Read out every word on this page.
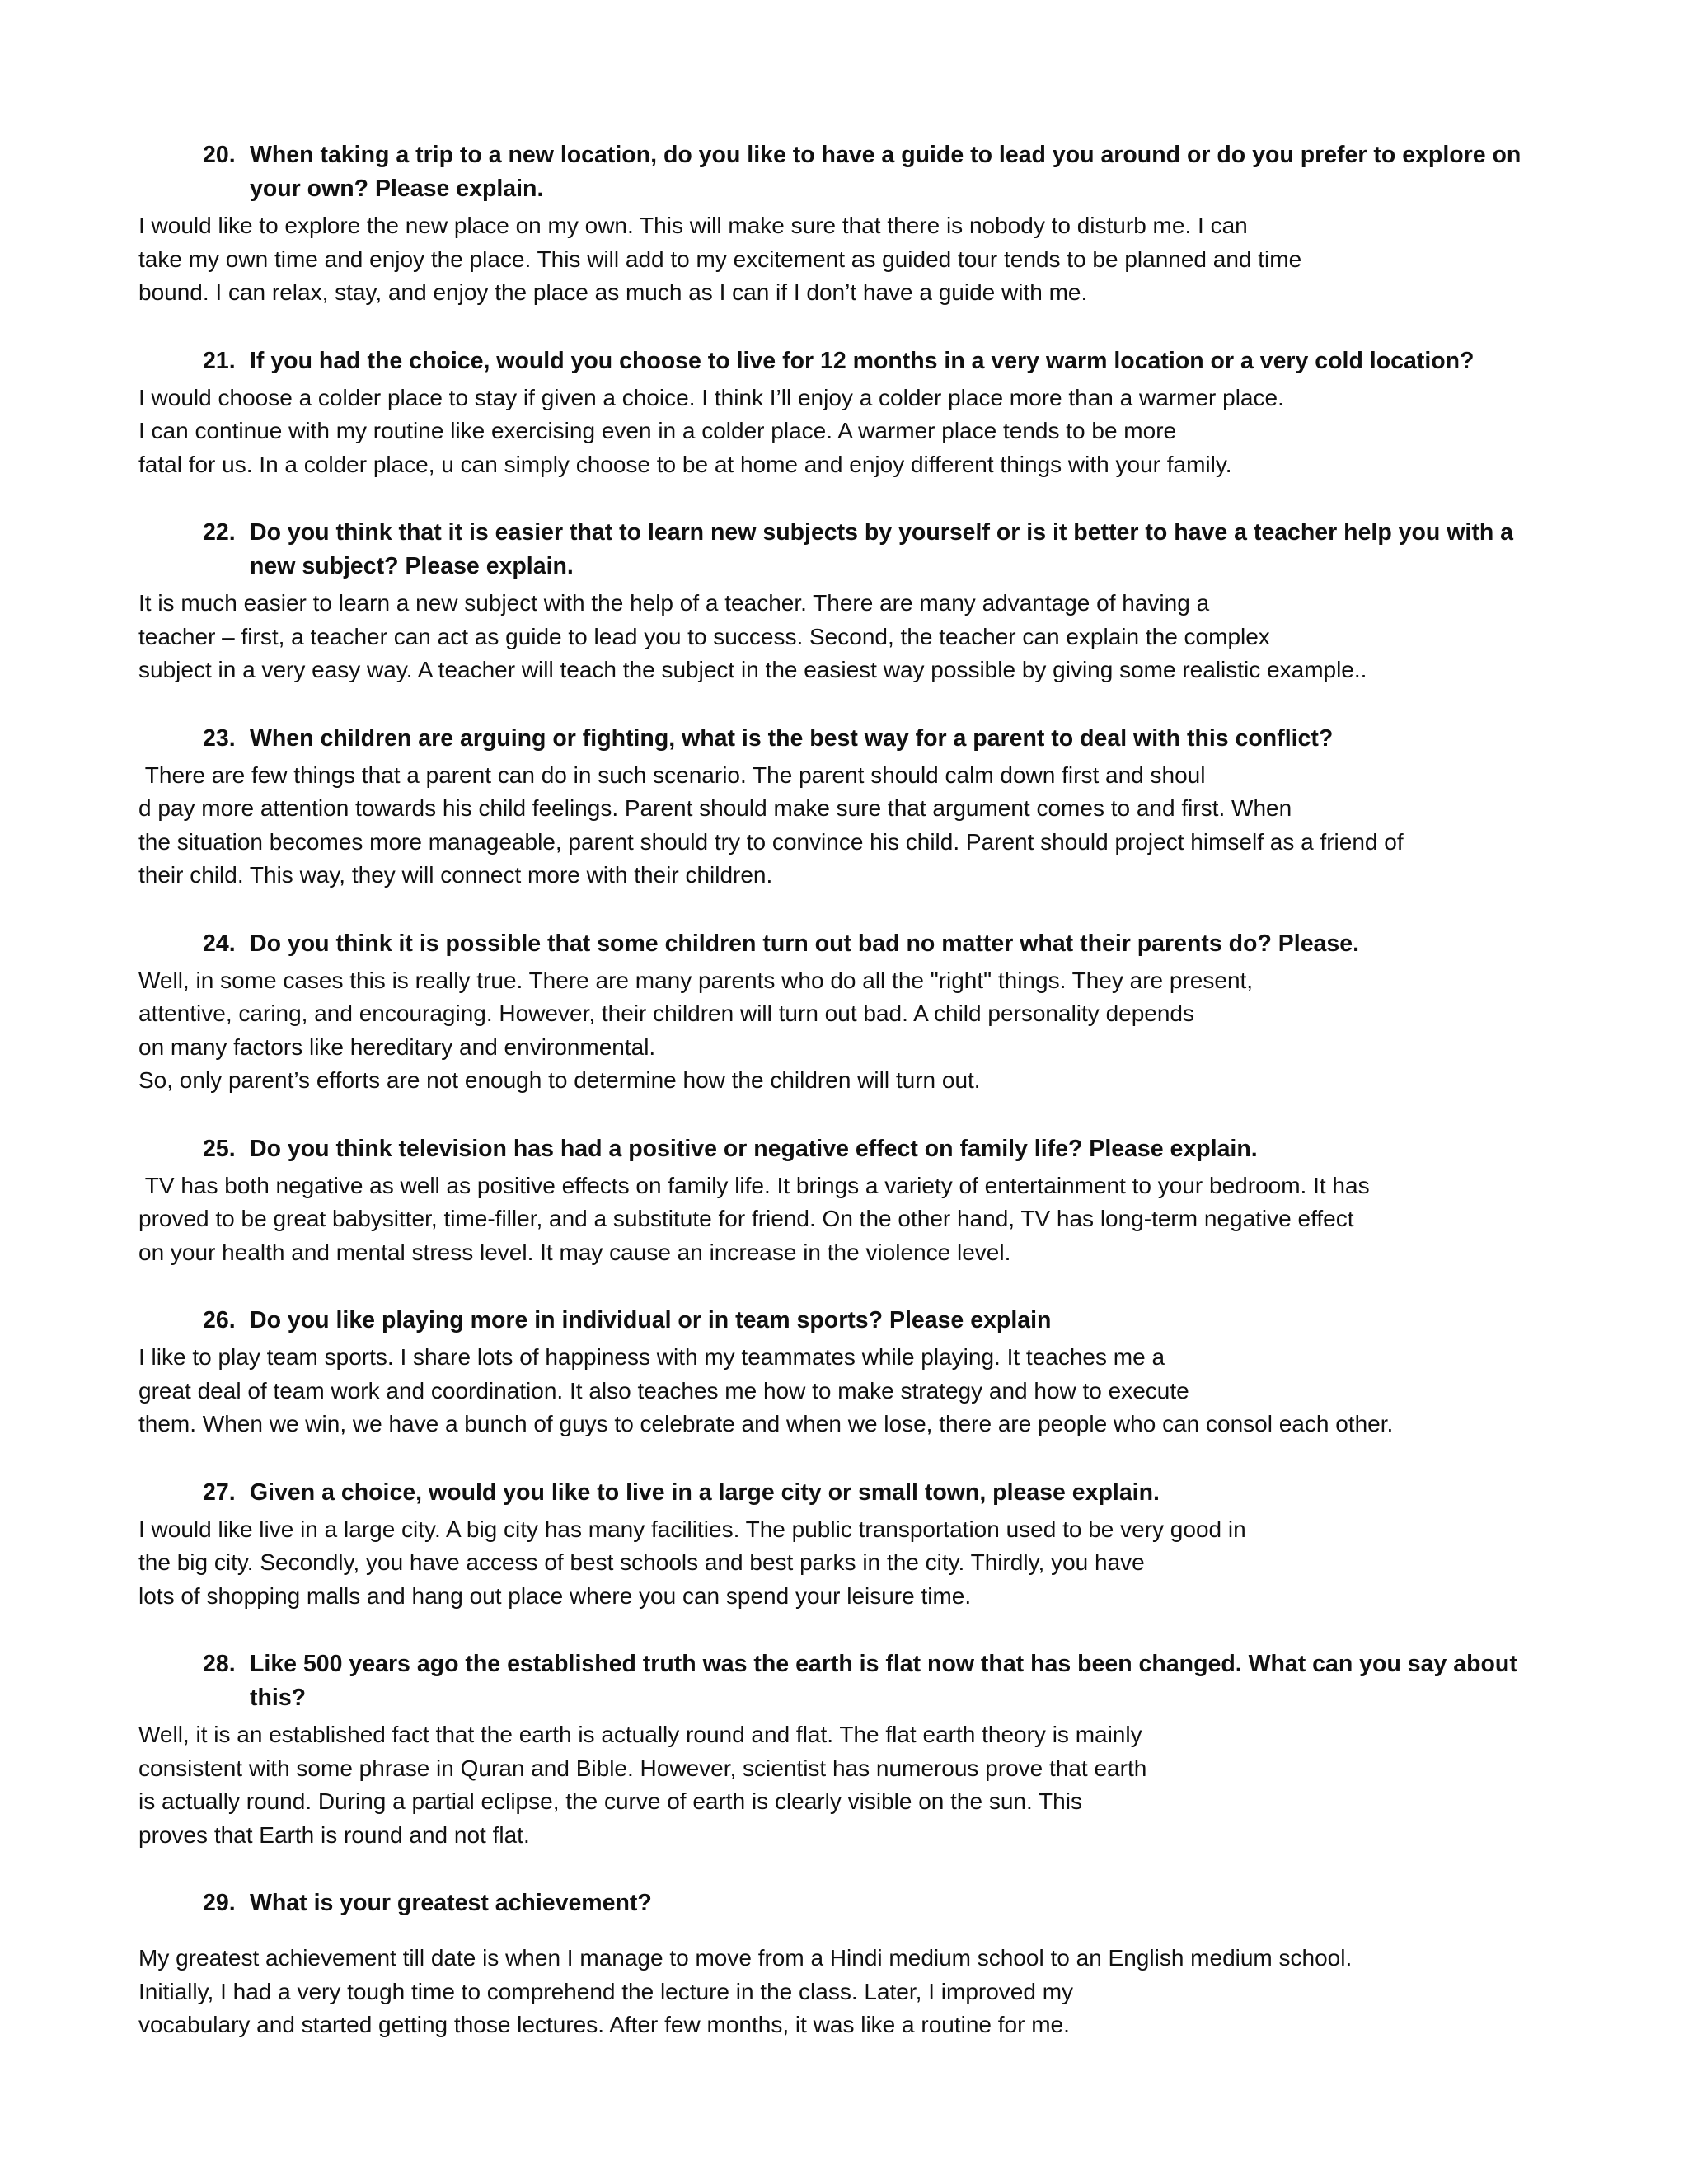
20. When taking a trip to a new location, do you like to have a guide to lead you around or do you prefer to explore on your own? Please explain.
I would like to explore the new place on my own. This will make sure that there is nobody to disturb me. I can
take my own time and enjoy the place. This will add to my excitement as guided tour tends to be planned and time
bound. I can relax, stay, and enjoy the place as much as I can if I don’t have a guide with me.
21. If you had the choice, would you choose to live for 12 months in a very warm location or a very cold location?
I would choose a colder place to stay if given a choice. I think I’ll enjoy a colder place more than a warmer place.
I can continue with my routine like exercising even in a colder place. A warmer place tends to be more
fatal for us. In a colder place, u can simply choose to be at home and enjoy different things with your family.
22. Do you think that it is easier that to learn new subjects by yourself or is it better to have a teacher help you with a new subject? Please explain.
It is much easier to learn a new subject with the help of a teacher. There are many advantage of having a
teacher – first, a teacher can act as guide to lead you to success. Second, the teacher can explain the complex
subject in a very easy way. A teacher will teach the subject in the easiest way possible by giving some realistic example..
23. When children are arguing or fighting, what is the best way for a parent to deal with this conflict?
There are few things that a parent can do in such scenario. The parent should calm down first and shoul
d pay more attention towards his child feelings. Parent should make sure that argument comes to and first. When
the situation becomes more manageable, parent should try to convince his child. Parent should project himself as a friend of
their child. This way, they will connect more with their children.
24. Do you think it is possible that some children turn out bad no matter what their parents do? Please.
Well, in some cases this is really true. There are many parents who do all the "right" things. They are present,
attentive, caring, and encouraging. However, their children will turn out bad. A child personality depends
on many factors like hereditary and environmental.
So, only parent’s efforts are not enough to determine how the children will turn out.
25. Do you think television has had a positive or negative effect on family life? Please explain.
TV has both negative as well as positive effects on family life. It brings a variety of entertainment to your bedroom. It has
proved to be great babysitter, time-filler, and a substitute for friend. On the other hand, TV has long-term negative effect
on your health and mental stress level. It may cause an increase in the violence level.
26. Do you like playing more in individual or in team sports? Please explain
I like to play team sports. I share lots of happiness with my teammates while playing. It teaches me a
great deal of team work and coordination. It also teaches me how to make strategy and how to execute
them. When we win, we have a bunch of guys to celebrate and when we lose, there are people who can consol each other.
27. Given a choice, would you like to live in a large city or small town, please explain.
I would like live in a large city. A big city has many facilities. The public transportation used to be very good in
the big city. Secondly, you have access of best schools and best parks in the city. Thirdly, you have
lots of shopping malls and hang out place where you can spend your leisure time.
28. Like 500 years ago the established truth was the earth is flat now that has been changed. What can you say about this?
Well, it is an established fact that the earth is actually round and flat. The flat earth theory is mainly
consistent with some phrase in Quran and Bible. However, scientist has numerous prove that earth
is actually round. During a partial eclipse, the curve of earth is clearly visible on the sun. This
proves that Earth is round and not flat.
29. What is your greatest achievement?
My greatest achievement till date is when I manage to move from a Hindi medium school to an English medium school.
Initially, I had a very tough time to comprehend the lecture in the class. Later, I improved my
vocabulary and started getting those lectures. After few months, it was like a routine for me.
